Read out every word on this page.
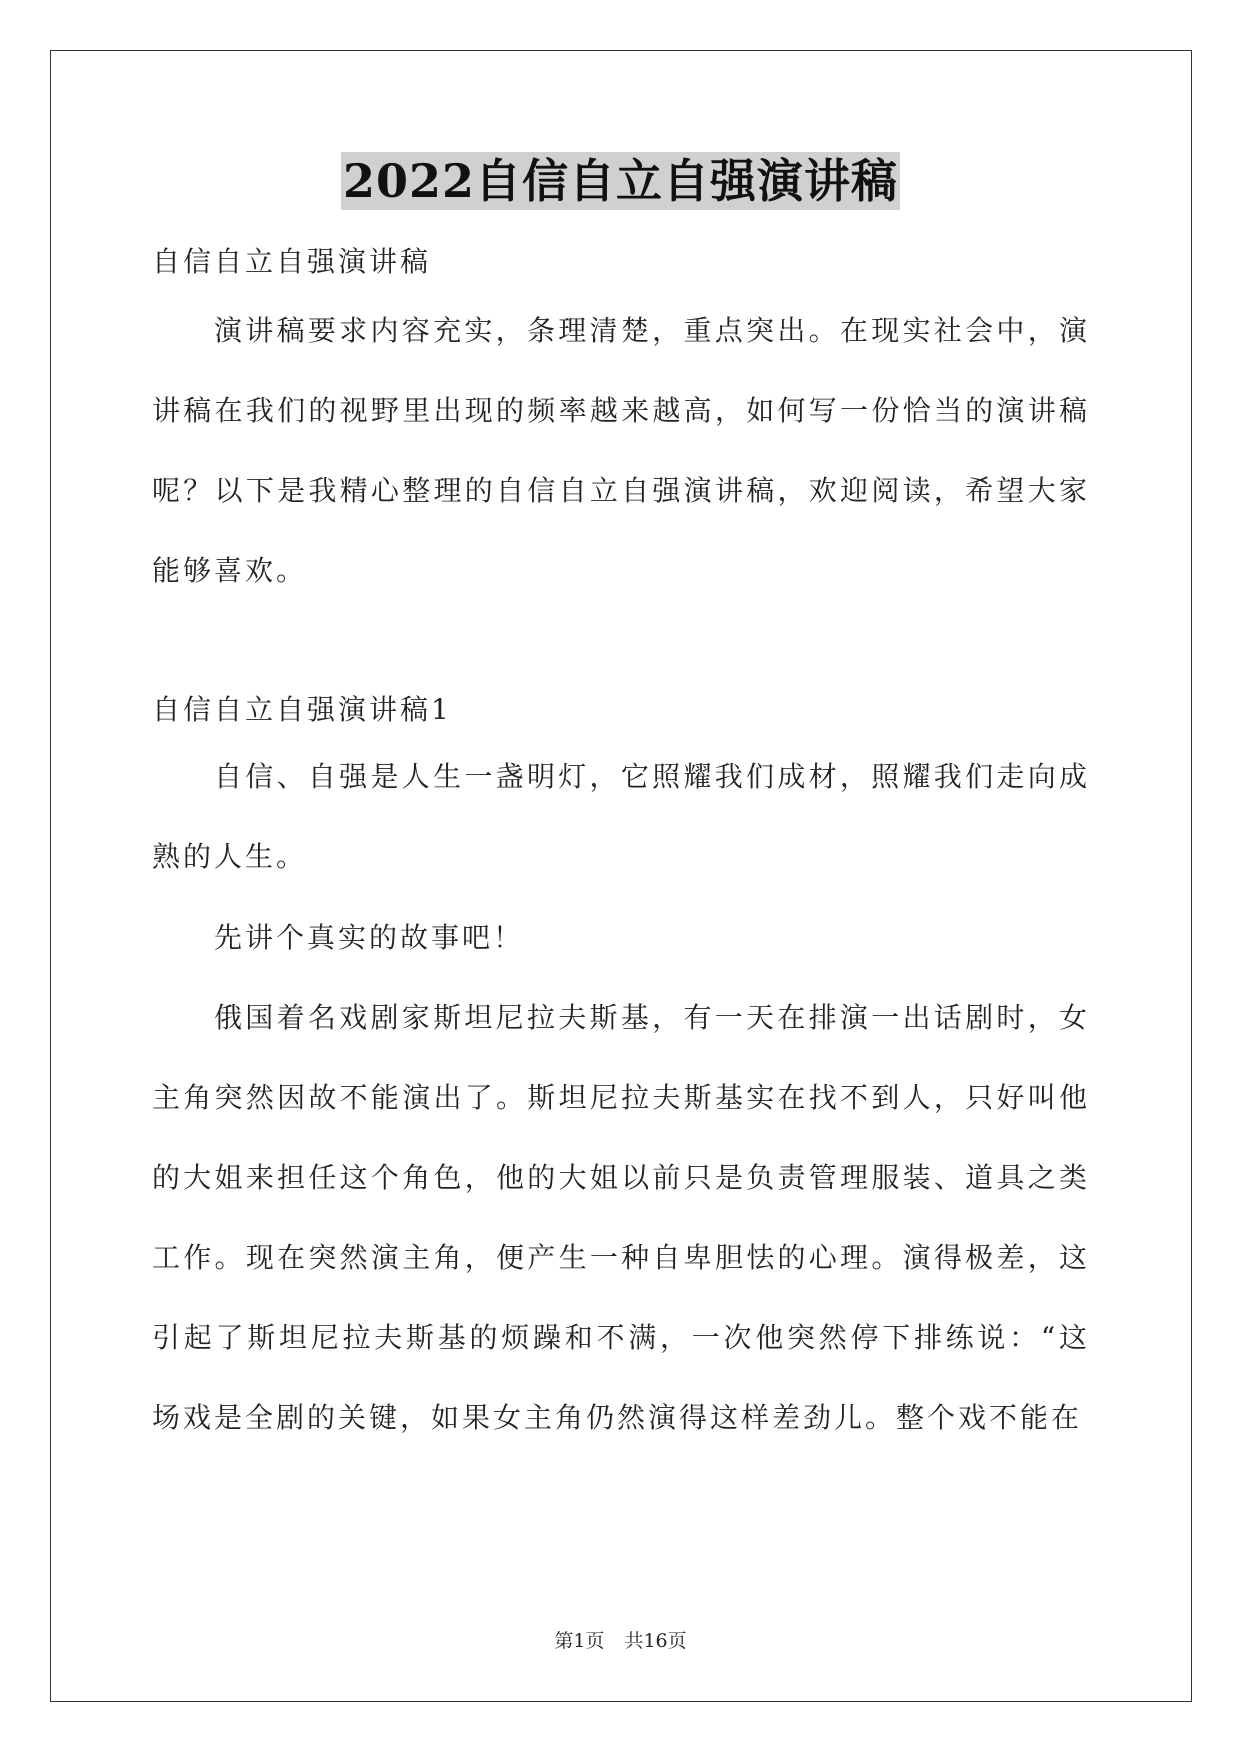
2022自信自立自强演讲稿
自信自立自强演讲稿
演讲稿要求内容充实，条理清楚，重点突出。在现实社会中，演讲稿在我们的视野里出现的频率越来越高，如何写一份恰当的演讲稿呢？以下是我精心整理的自信自立自强演讲稿，欢迎阅读，希望大家能够喜欢。
自信自立自强演讲稿1
自信、自强是人生一盏明灯，它照耀我们成材，照耀我们走向成熟的人生。
先讲个真实的故事吧！
俄国着名戏剧家斯坦尼拉夫斯基，有一天在排演一出话剧时，女主角突然因故不能演出了。斯坦尼拉夫斯基实在找不到人，只好叫他的大姐来担任这个角色，他的大姐以前只是负责管理服装、道具之类工作。现在突然演主角，便产生一种自卑胆怯的心理。演得极差，这引起了斯坦尼拉夫斯基的烦躁和不满，一次他突然停下排练说：“这场戏是全剧的关键，如果女主角仍然演得这样差劲儿。整个戏不能在
第1页 共16页
